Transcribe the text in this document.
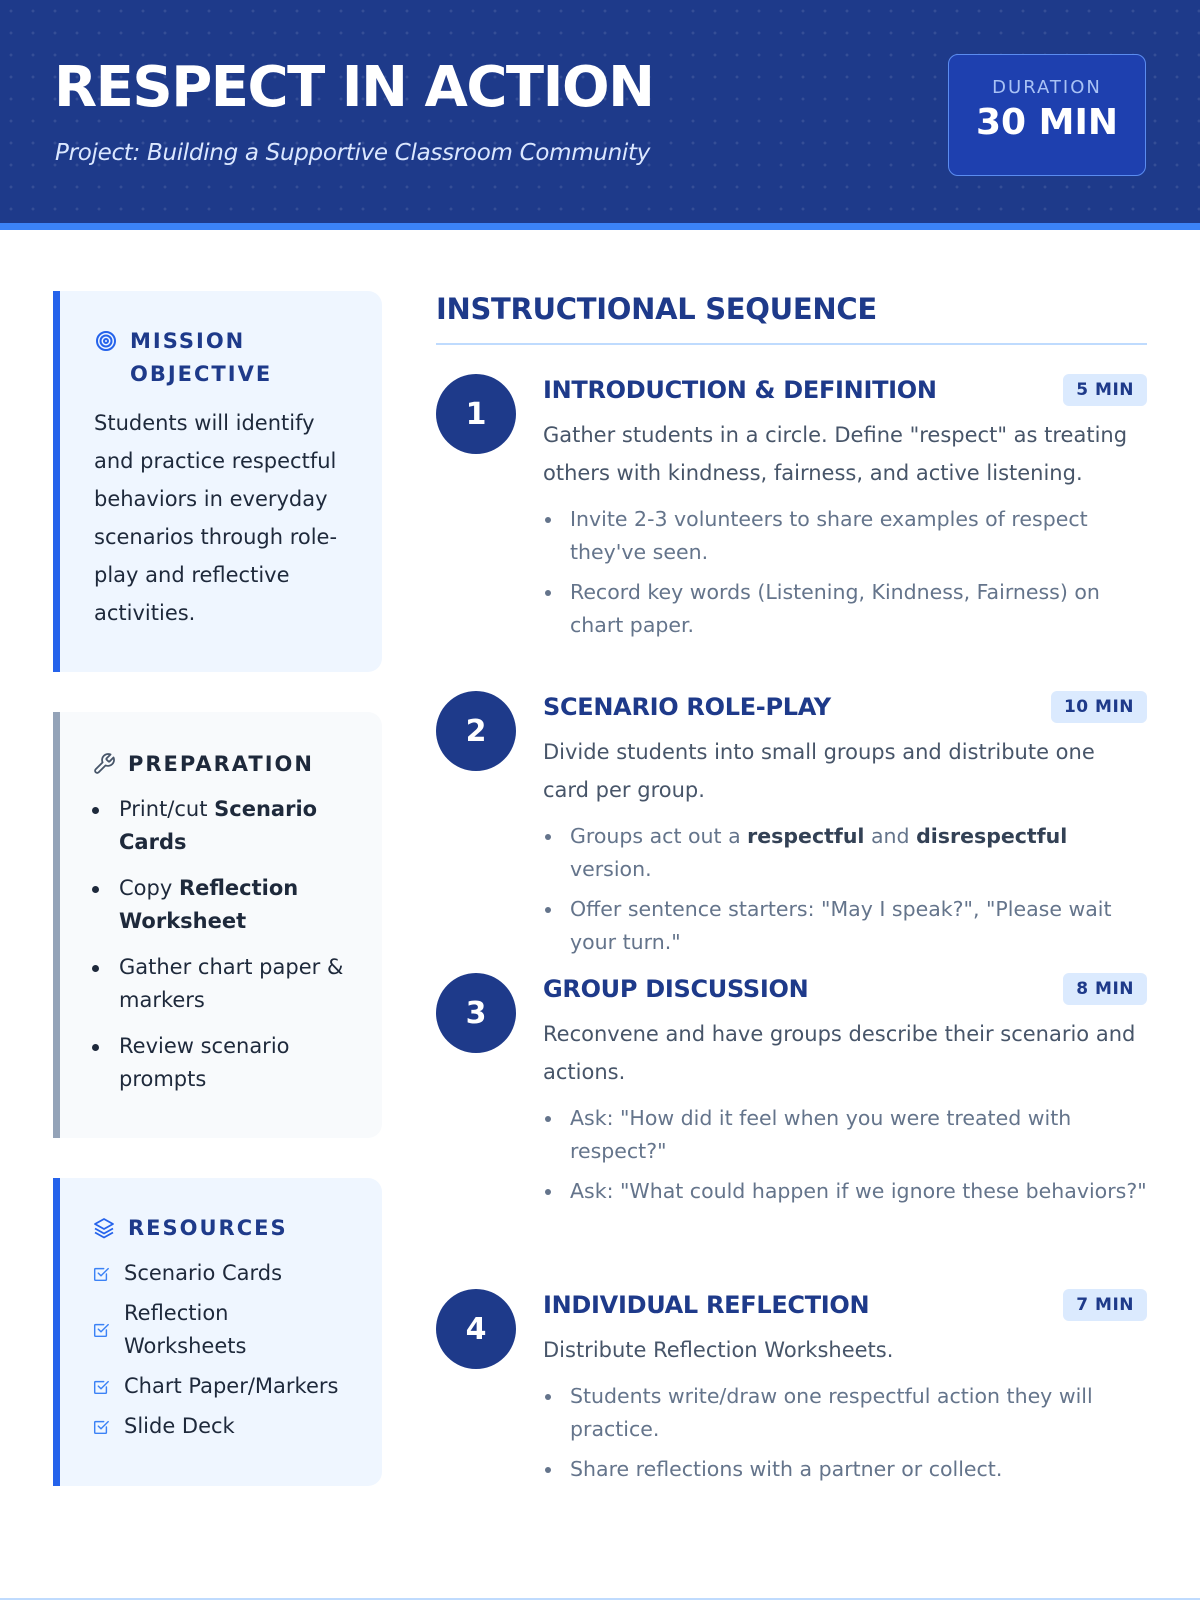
RESPECT IN ACTION
Project: Building a Supportive Classroom Community
DURATION
30 MIN
MISSION OBJECTIVE
Students will identify and practice respectful behaviors in everyday scenarios through role-play and reflective activities.
PREPARATION
Print/cut Scenario Cards
Copy Reflection Worksheet
Gather chart paper & markers
Review scenario prompts
RESOURCES
Scenario Cards
Reflection Worksheets
Chart Paper/Markers
Slide Deck
INSTRUCTIONAL SEQUENCE
1
INTRODUCTION & DEFINITION	5 MIN
Gather students in a circle. Define "respect" as treating others with kindness, fairness, and active listening.
Invite 2-3 volunteers to share examples of respect they've seen.
Record key words (Listening, Kindness, Fairness) on chart paper.
2
SCENARIO ROLE-PLAY	10 MIN
Divide students into small groups and distribute one card per group.
Groups act out a respectful and disrespectful version.
Offer sentence starters: "May I speak?", "Please wait your turn."
3
GROUP DISCUSSION	8 MIN
Reconvene and have groups describe their scenario and actions.
Ask: "How did it feel when you were treated with respect?"
Ask: "What could happen if we ignore these behaviors?"
4
INDIVIDUAL REFLECTION	7 MIN
Distribute Reflection Worksheets.
Students write/draw one respectful action they will practice.
Share reflections with a partner or collect.
